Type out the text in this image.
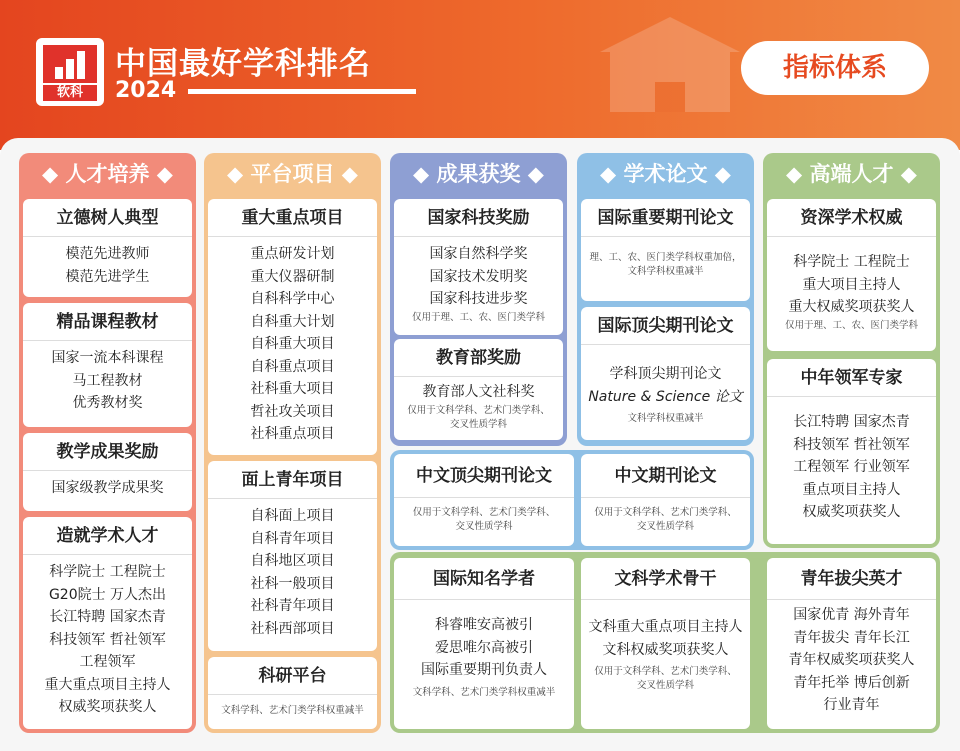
软科
中国最好学科排名
2024
指标体系
◆ 人才培养 ◆
立德树人典型
模范先进教师
模范先进学生
精品课程教材
国家一流本科课程
马工程教材
优秀教材奖
教学成果奖励
国家级教学成果奖
造就学术人才
科学院士 工程院士
G20院士 万人杰出
长江特聘 国家杰青
科技领军 哲社领军
工程领军
重大重点项目主持人
权威奖项获奖人
◆ 平台项目 ◆
重大重点项目
重点研发计划
重大仪器研制
自科科学中心
自科重大计划
自科重大项目
自科重点项目
社科重大项目
哲社攻关项目
社科重点项目
面上青年项目
自科面上项目
自科青年项目
自科地区项目
社科一般项目
社科青年项目
社科西部项目
科研平台
文科学科、艺术门类学科权重减半
◆ 成果获奖 ◆
国家科技奖励
国家自然科学奖
国家技术发明奖
国家科技进步奖
仅用于理、工、农、医门类学科
教育部奖励
教育部人文社科奖
仅用于文科学科、艺术门类学科、
交叉性质学科
◆ 学术论文 ◆
国际重要期刊论文
理、工、农、医门类学科权重加倍，
文科学科权重减半
国际顶尖期刊论文
学科顶尖期刊论文
Nature & Science 论文
文科学科权重减半
◆ 高端人才 ◆
资深学术权威
科学院士 工程院士
重大项目主持人
重大权威奖项获奖人
仅用于理、工、农、医门类学科
中年领军专家
长江特聘 国家杰青
科技领军 哲社领军
工程领军 行业领军
重点项目主持人
权威奖项获奖人
中文顶尖期刊论文
仅用于文科学科、艺术门类学科、
交叉性质学科
中文期刊论文
仅用于文科学科、艺术门类学科、
交叉性质学科
国际知名学者
科睿唯安高被引
爱思唯尔高被引
国际重要期刊负责人
文科学科、艺术门类学科权重减半
文科学术骨干
文科重大重点项目主持人
文科权威奖项获奖人
仅用于文科学科、艺术门类学科、
交叉性质学科
青年拔尖英才
国家优青 海外青年
青年拔尖 青年长江
青年权威奖项获奖人
青年托举 博后创新
行业青年
